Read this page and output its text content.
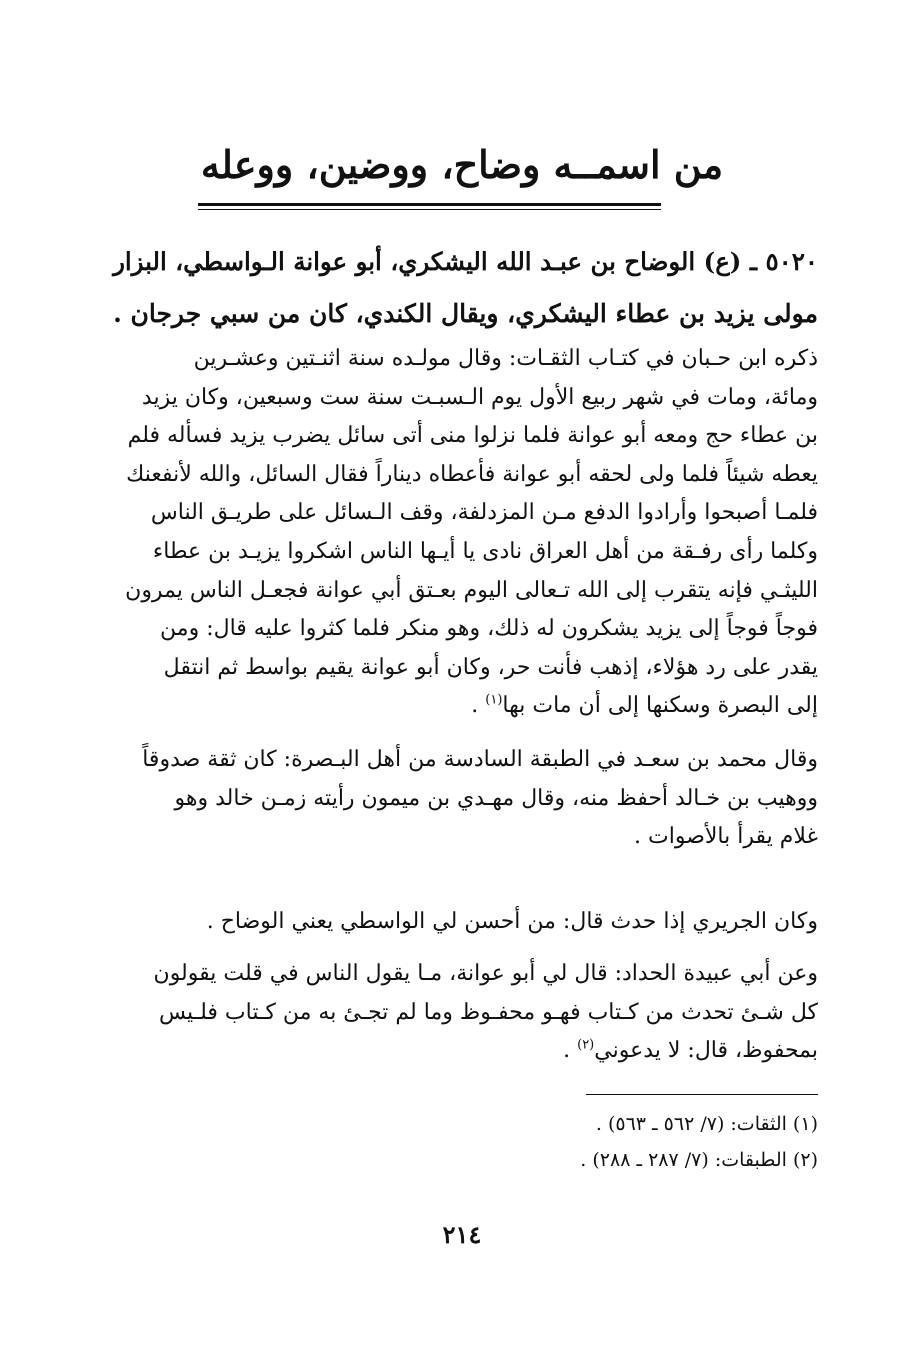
من اسمــه وضاح، ووضين، ووعله
٥٠٢٠ ـ (ع) الوضاح بن عبـد الله اليشكري، أبو عوانة الـواسطي، البزار
مولى يزيد بن عطاء اليشكري، ويقال الكندي، كان من سبي جرجان .
ذكره ابن حـبان في كتـاب الثقـات: وقال مولـده سنة اثنـتين وعشـرين
ومائة، ومات في شهر ربيع الأول يوم الـسبـت سنة ست وسبعين، وكان يزيد
بن عطاء حج ومعه أبو عوانة فلما نزلوا منى أتى سائل يضرب يزيد فسأله فلم
يعطه شيئاً فلما ولى لحقه أبو عوانة فأعطاه ديناراً فقال السائل، والله لأنفعنك
فلمـا أصبحوا وأرادوا الدفع مـن المزدلفة، وقف الـسائل على طريـق الناس
وكلما رأى رفـقة من أهل العراق نادى يا أيـها الناس اشكروا يزيـد بن عطاء
الليثـي فإنه يتقرب إلى الله تـعالى اليوم بعـتق أبي عوانة فجعـل الناس يمرون
فوجاً فوجاً إلى يزيد يشكرون له ذلك، وهو منكر فلما كثروا عليه قال: ومن
يقدر على رد هؤلاء، إذهب فأنت حر، وكان أبو عوانة يقيم بواسط ثم انتقل
إلى البصرة وسكنها إلى أن مات بها$^{(١)}$ .
وقال محمد بن سعـد في الطبقة السادسة من أهل البـصرة: كان ثقة صدوقاً
ووهيب بن خـالد أحفظ منه، وقال مهـدي بن ميمون رأيته زمـن خالد وهو
غلام يقرأ بالأصوات .
وكان الجريري إذا حدث قال: من أحسن لي الواسطي يعني الوضاح .
وعن أبي عبيدة الحداد: قال لي أبو عوانة، مـا يقول الناس في قلت يقولون
كل شـئ تحدث من كـتاب فهـو محفـوظ وما لم تجـئ به من كـتاب فلـيس
بمحفوظ، قال: لا يدعوني$^{(٢)}$ .
(١) الثقات: (٧/ ٥٦٢ ـ ٥٦٣) .
(٢) الطبقات: (٧/ ٢٨٧ ـ ٢٨٨) .
٢١٤
